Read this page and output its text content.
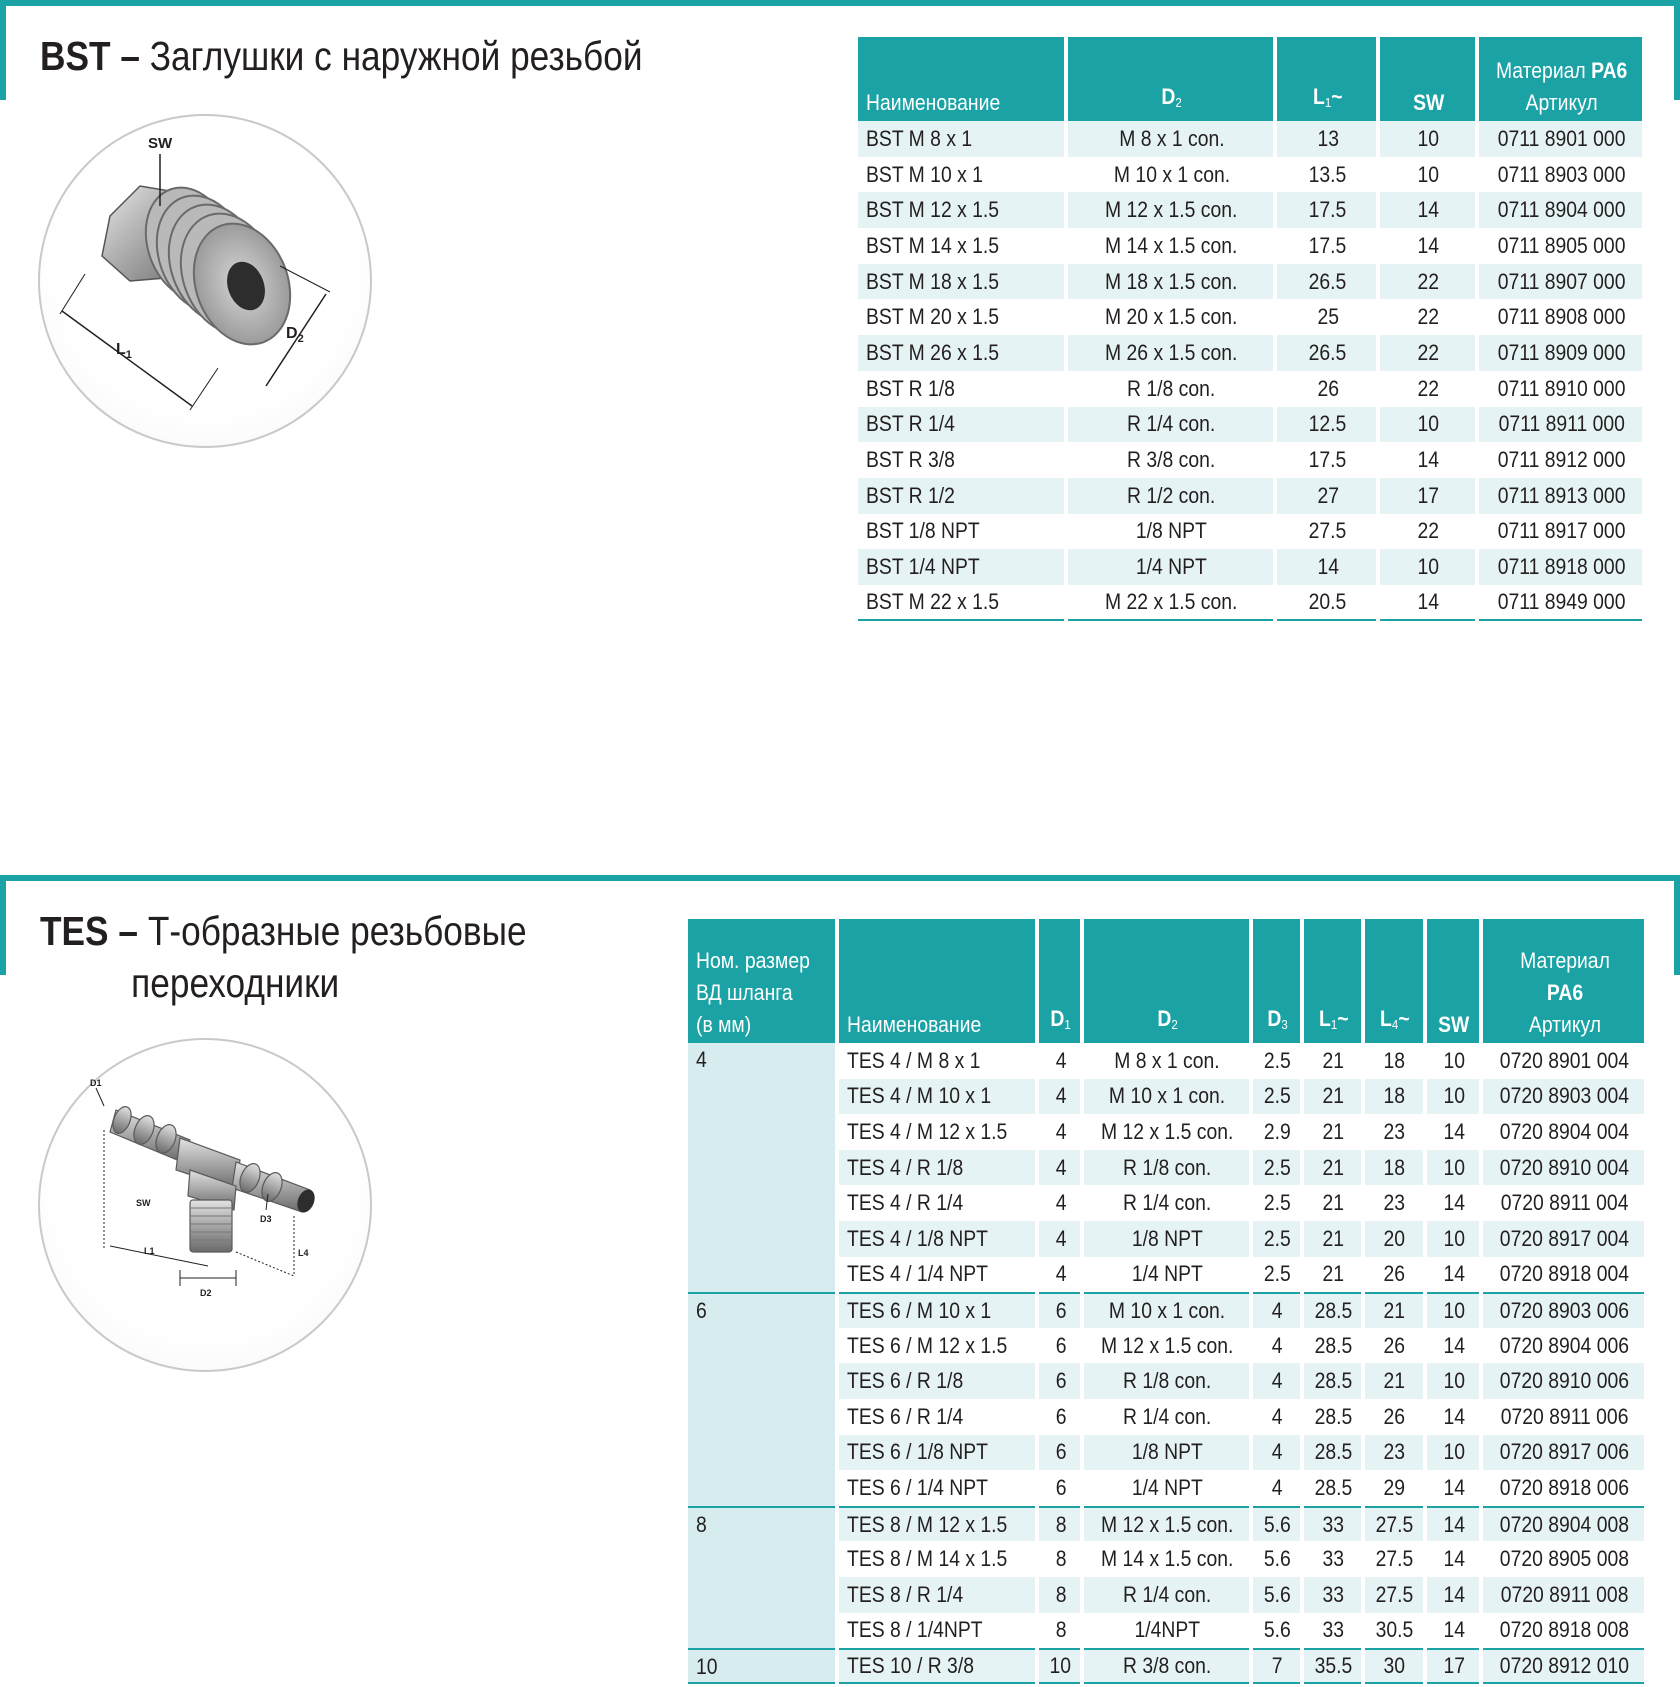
BST – Заглушки с наружной резьбой
SW
$L_1$
$D_2$
Наименование	$D_2$	$L_1\sim$	SW	Материал PA6
Артикул
BST M 8 x 1	M 8 x 1 con.	13	10	0711 8901 000
BST M 10 x 1	M 10 x 1 con.	13.5	10	0711 8903 000
BST M 12 x 1.5	M 12 x 1.5 con.	17.5	14	0711 8904 000
BST M 14 x 1.5	M 14 x 1.5 con.	17.5	14	0711 8905 000
BST M 18 x 1.5	M 18 x 1.5 con.	26.5	22	0711 8907 000
BST M 20 x 1.5	M 20 x 1.5 con.	25	22	0711 8908 000
BST M 26 x 1.5	M 26 x 1.5 con.	26.5	22	0711 8909 000
BST R 1/8	R 1/8 con.	26	22	0711 8910 000
BST R 1/4	R 1/4 con.	12.5	10	0711 8911 000
BST R 3/8	R 3/8 con.	17.5	14	0711 8912 000
BST R 1/2	R 1/2 con.	27	17	0711 8913 000
BST 1/8 NPT	1/8 NPT	27.5	22	0711 8917 000
BST 1/4 NPT	1/4 NPT	14	10	0711 8918 000
BST M 22 x 1.5	M 22 x 1.5 con.	20.5	14	0711 8949 000
TES – Т-образные резьбовые
переходники
D1
D3
SW
L1	L4
D2
Ном. размер
ВД шланга
(в мм)	Наименование	$D_1$	$D_2$	$D_3$	$L_1\sim$	$L_4\sim$	SW	Материал
PA6
Артикул
4	TES 4 / M 8 x 1	4	M 8 x 1 con.	2.5	21	18	10	0720 8901 004
	TES 4 / M 10 x 1	4	M 10 x 1 con.	2.5	21	18	10	0720 8903 004
	TES 4 / M 12 x 1.5	4	M 12 x 1.5 con.	2.9	21	23	14	0720 8904 004
	TES 4 / R 1/8	4	R 1/8 con.	2.5	21	18	10	0720 8910 004
	TES 4 / R 1/4	4	R 1/4 con.	2.5	21	23	14	0720 8911 004
	TES 4 / 1/8 NPT	4	1/8 NPT	2.5	21	20	10	0720 8917 004
	TES 4 / 1/4 NPT	4	1/4 NPT	2.5	21	26	14	0720 8918 004
6	TES 6 / M 10 x 1	6	M 10 x 1 con.	4	28.5	21	10	0720 8903 006
	TES 6 / M 12 x 1.5	6	M 12 x 1.5 con.	4	28.5	26	14	0720 8904 006
	TES 6 / R 1/8	6	R 1/8 con.	4	28.5	21	10	0720 8910 006
	TES 6 / R 1/4	6	R 1/4 con.	4	28.5	26	14	0720 8911 006
	TES 6 / 1/8 NPT	6	1/8 NPT	4	28.5	23	10	0720 8917 006
	TES 6 / 1/4 NPT	6	1/4 NPT	4	28.5	29	14	0720 8918 006
8	TES 8 / M 12 x 1.5	8	M 12 x 1.5 con.	5.6	33	27.5	14	0720 8904 008
	TES 8 / M 14 x 1.5	8	M 14 x 1.5 con.	5.6	33	27.5	14	0720 8905 008
	TES 8 / R 1/4	8	R 1/4 con.	5.6	33	27.5	14	0720 8911 008
	TES 8 / 1/4NPT	8	1/4NPT	5.6	33	30.5	14	0720 8918 008
10	TES 10 / R 3/8	10	R 3/8 con.	7	35.5	30	17	0720 8912 010
